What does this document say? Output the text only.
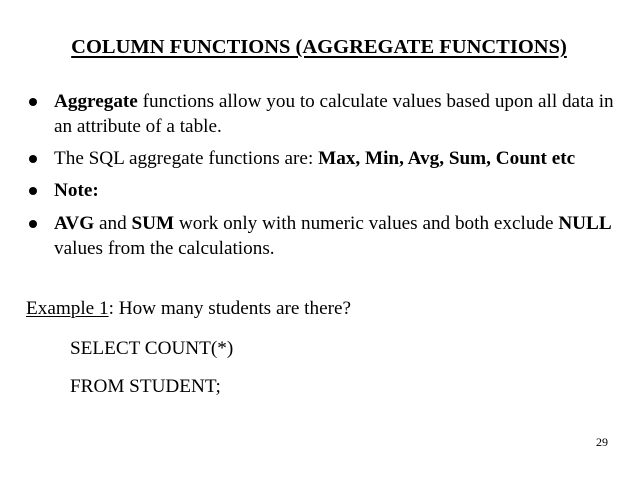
COLUMN FUNCTIONS (AGGREGATE FUNCTIONS)
Aggregate functions allow you to calculate values based upon all data in an attribute of a table.
The SQL aggregate functions are: Max, Min, Avg, Sum, Count etc
Note:
AVG and SUM work only with numeric values and both exclude NULL values from the calculations.
Example 1: How many students are there?
SELECT COUNT(*)
FROM STUDENT;
29
